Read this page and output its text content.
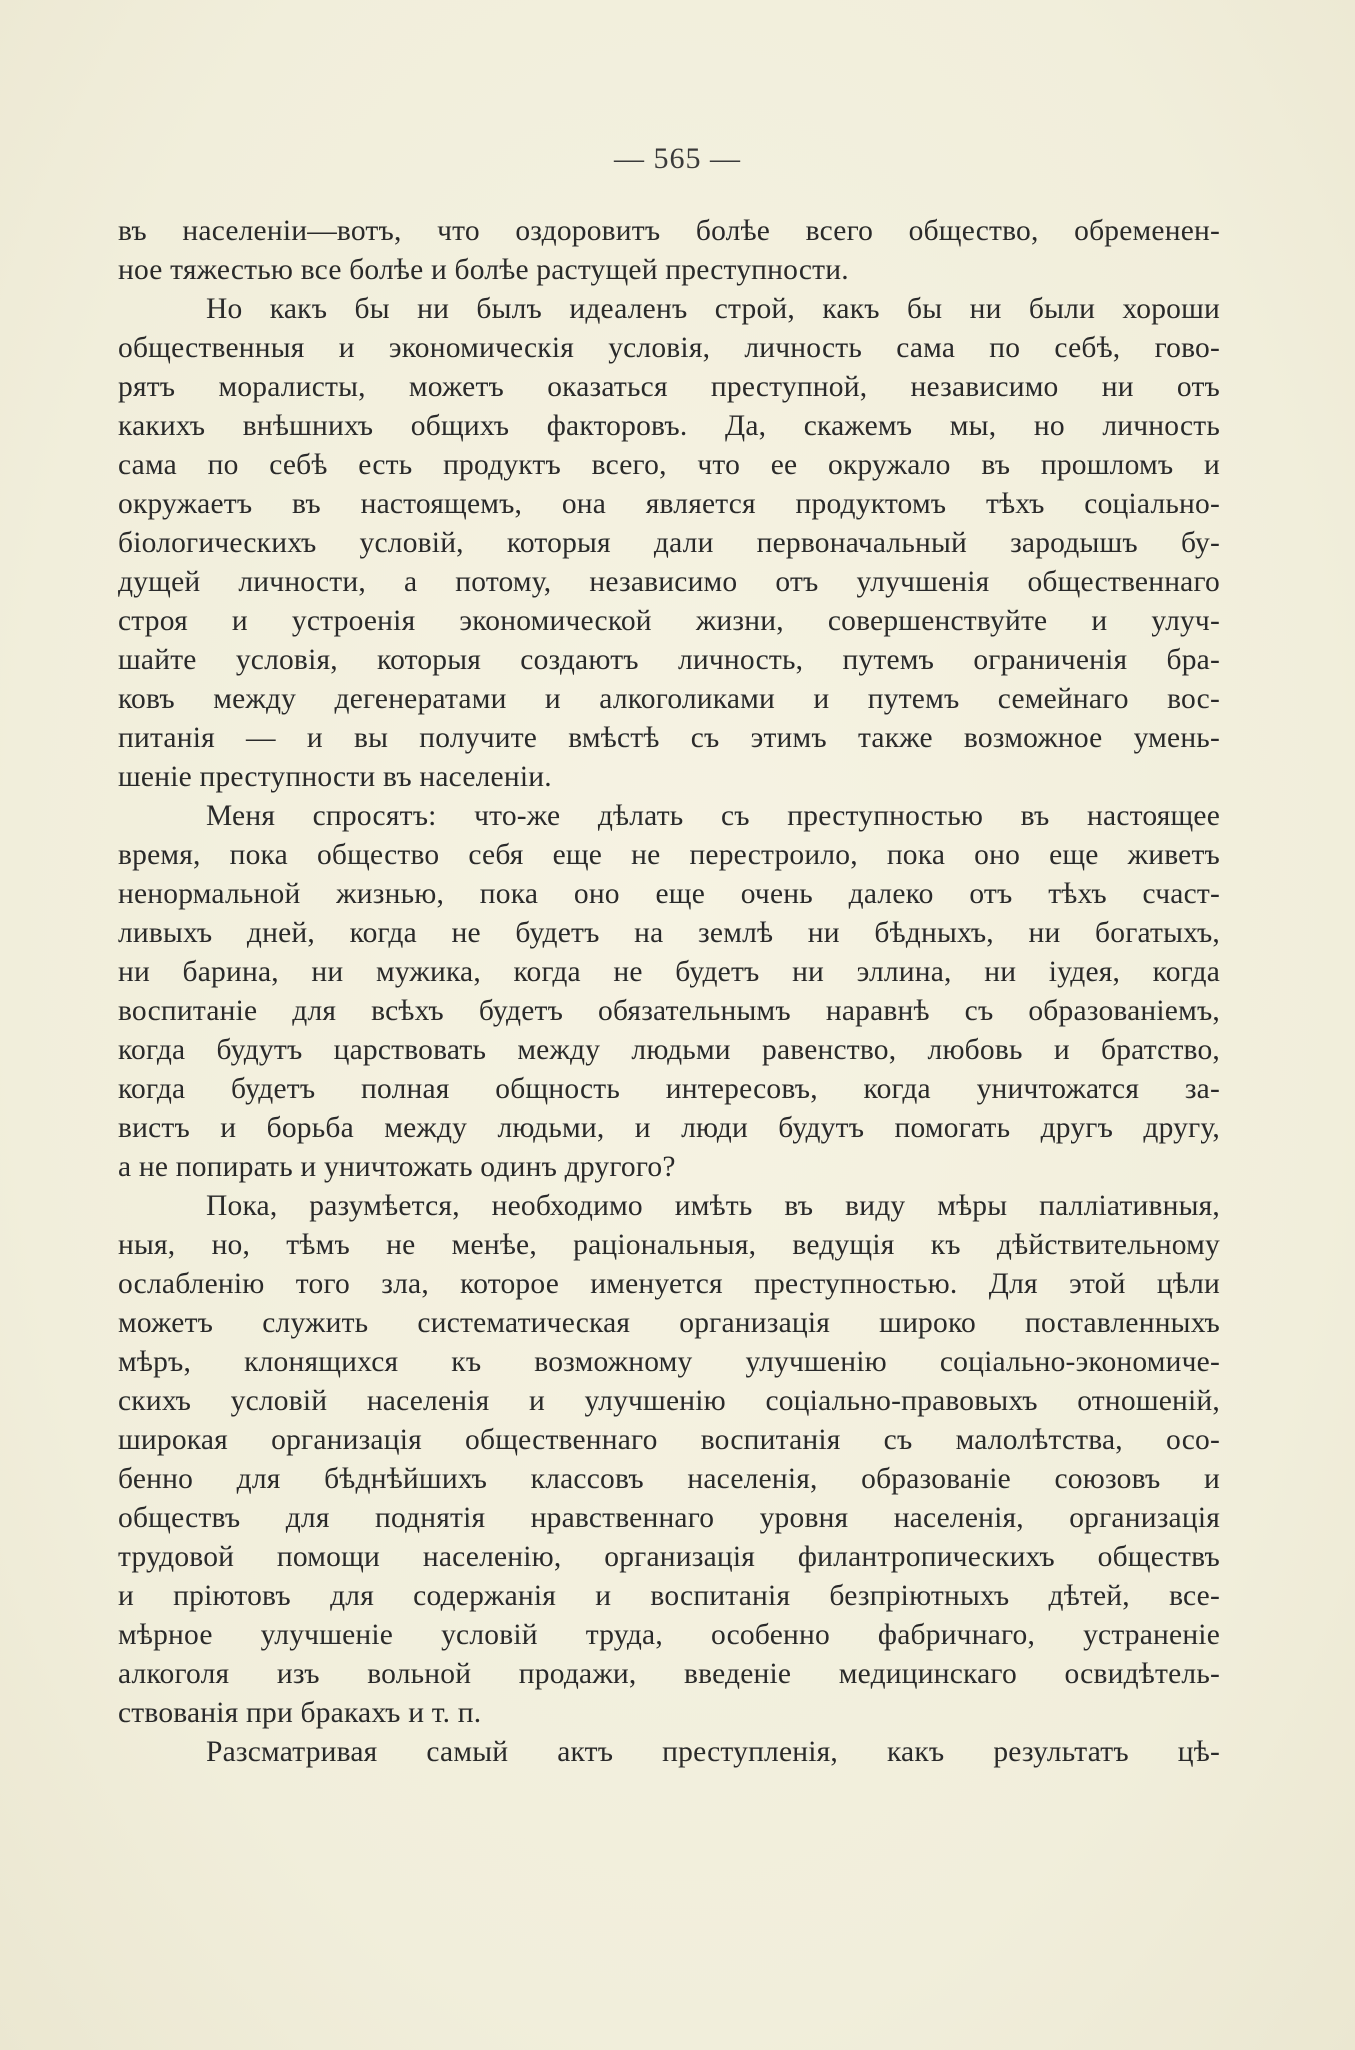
— 565 —
въ населеніи—вотъ, что оздоровитъ болѣе всего общество, обременен-
ное тяжестью все болѣе и болѣе растущей преступности.
Но какъ бы ни былъ идеаленъ строй, какъ бы ни были хороши
общественныя и экономическія условія, личность сама по себѣ, гово-
рятъ моралисты, можетъ оказаться преступной, независимо ни отъ
какихъ внѣшнихъ общихъ факторовъ. Да, скажемъ мы, но личность
сама по себѣ есть продуктъ всего, что ее окружало въ прошломъ и
окружаетъ въ настоящемъ, она является продуктомъ тѣхъ соціально-
біологическихъ условій, которыя дали первоначальный зародышъ бу-
дущей личности, а потому, независимо отъ улучшенія общественнаго
строя и устроенія экономической жизни, совершенствуйте и улуч-
шайте условія, которыя создаютъ личность, путемъ ограниченія бра-
ковъ между дегенератами и алкоголиками и путемъ семейнаго вос-
питанія — и вы получите вмѣстѣ съ этимъ также возможное умень-
шеніе преступности въ населеніи.
Меня спросятъ: что-же дѣлать съ преступностью въ настоящее
время, пока общество себя еще не перестроило, пока оно еще живетъ
ненормальной жизнью, пока оно еще очень далеко отъ тѣхъ счаст-
ливыхъ дней, когда не будетъ на землѣ ни бѣдныхъ, ни богатыхъ,
ни барина, ни мужика, когда не будетъ ни эллина, ни іудея, когда
воспитаніе для всѣхъ будетъ обязательнымъ наравнѣ съ образованіемъ,
когда будутъ царствовать между людьми равенство, любовь и братство,
когда будетъ полная общность интересовъ, когда уничтожатся за-
вистъ и борьба между людьми, и люди будутъ помогать другъ другу,
а не попирать и уничтожать одинъ другого?
Пока, разумѣется, необходимо имѣть въ виду мѣры палліативныя,
ныя, но, тѣмъ не менѣе, раціональныя, ведущія къ дѣйствительному
ослабленію того зла, которое именуется преступностью. Для этой цѣли
можетъ служить систематическая организація широко поставленныхъ
мѣръ, клонящихся къ возможному улучшенію соціально-экономиче-
скихъ условій населенія и улучшенію соціально-правовыхъ отношеній,
широкая организація общественнаго воспитанія съ малолѣтства, осо-
бенно для бѣднѣйшихъ классовъ населенія, образованіе союзовъ и
обществъ для поднятія нравственнаго уровня населенія, организація
трудовой помощи населенію, организація филантропическихъ обществъ
и пріютовъ для содержанія и воспитанія безпріютныхъ дѣтей, все-
мѣрное улучшеніе условій труда, особенно фабричнаго, устраненіе
алкоголя изъ вольной продажи, введеніе медицинскаго освидѣтель-
ствованія при бракахъ и т. п.
Разсматривая самый актъ преступленія, какъ результатъ цѣ-
